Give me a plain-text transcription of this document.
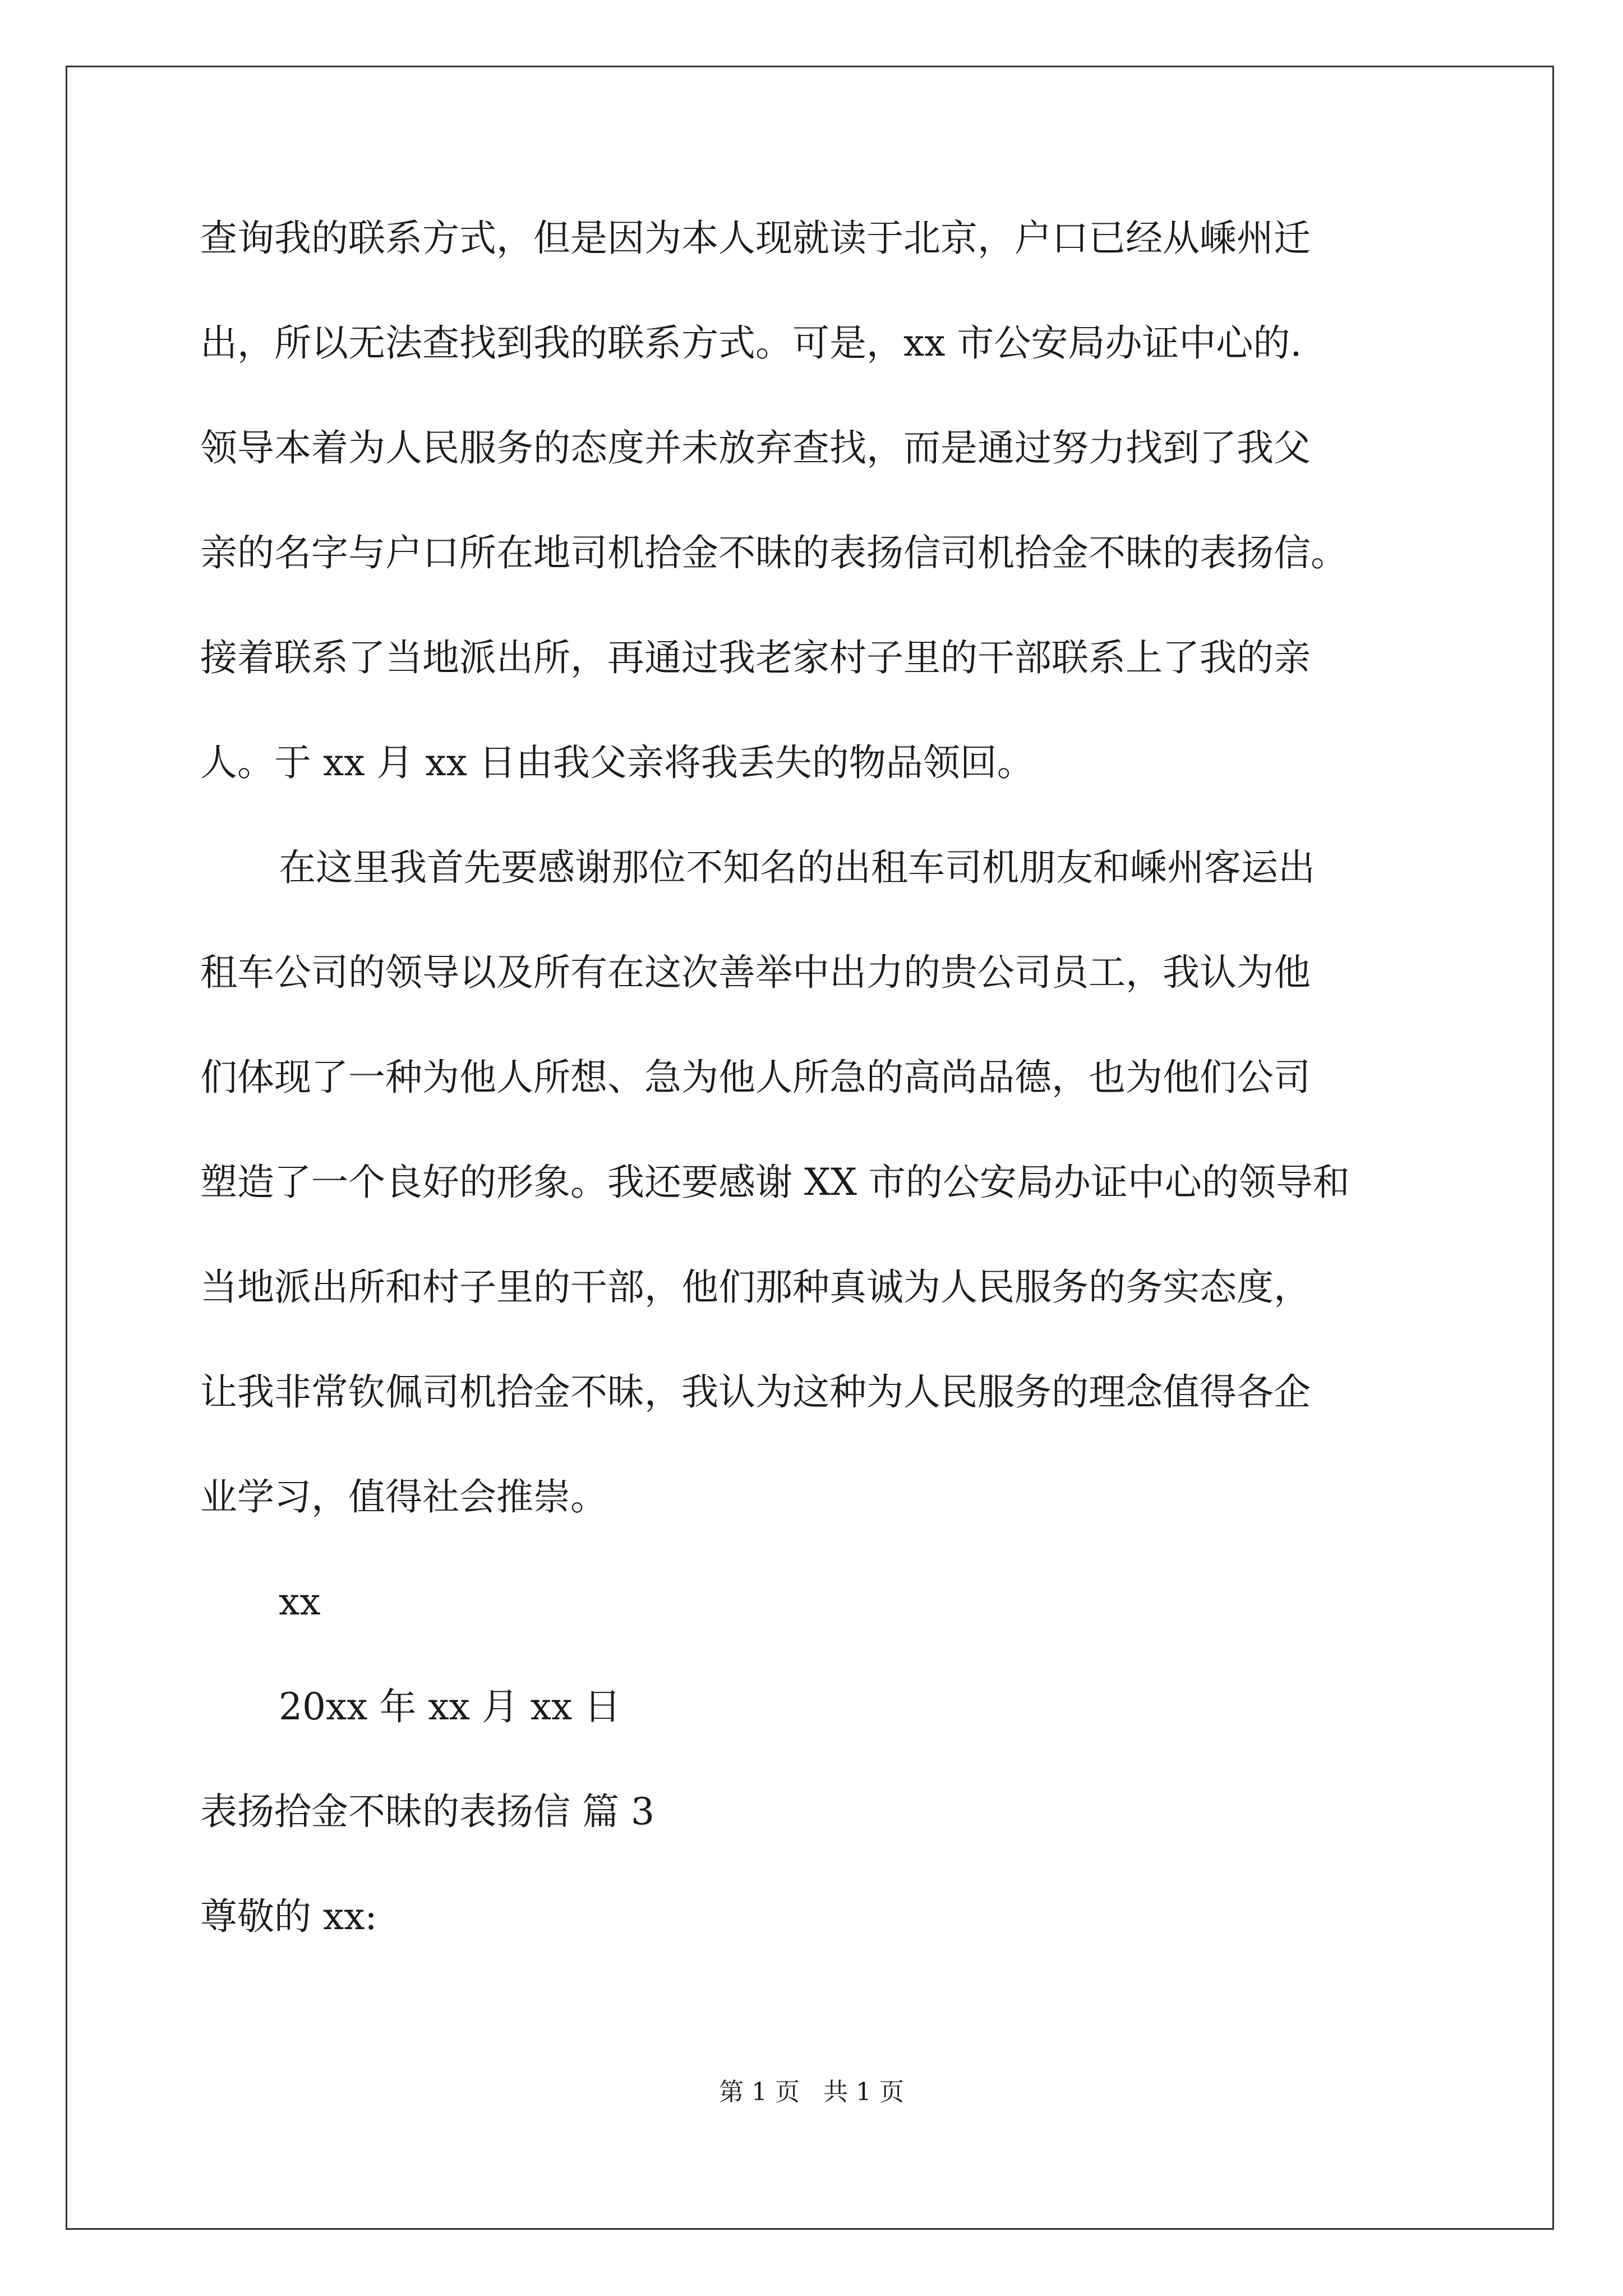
查询我的联系方式，但是因为本人现就读于北京，户口已经从嵊州迁
出，所以无法查找到我的联系方式。可是，xx 市公安局办证中心的.
领导本着为人民服务的态度并未放弃查找，而是通过努力找到了我父
亲的名字与户口所在地司机拾金不昧的表扬信司机拾金不昧的表扬信。
接着联系了当地派出所，再通过我老家村子里的干部联系上了我的亲
人。于 xx 月 xx 日由我父亲将我丢失的物品领回。
在这里我首先要感谢那位不知名的出租车司机朋友和嵊州客运出
租车公司的领导以及所有在这次善举中出力的贵公司员工，我认为他
们体现了一种为他人所想、急为他人所急的高尚品德，也为他们公司
塑造了一个良好的形象。我还要感谢 XX 市的公安局办证中心的领导和
当地派出所和村子里的干部，他们那种真诚为人民服务的务实态度，
让我非常钦佩司机拾金不昧，我认为这种为人民服务的理念值得各企
业学习，值得社会推崇。
xx
20xx 年 xx 月 xx 日
表扬拾金不昧的表扬信 篇 3
尊敬的 xx:
第 1 页 共 1 页
